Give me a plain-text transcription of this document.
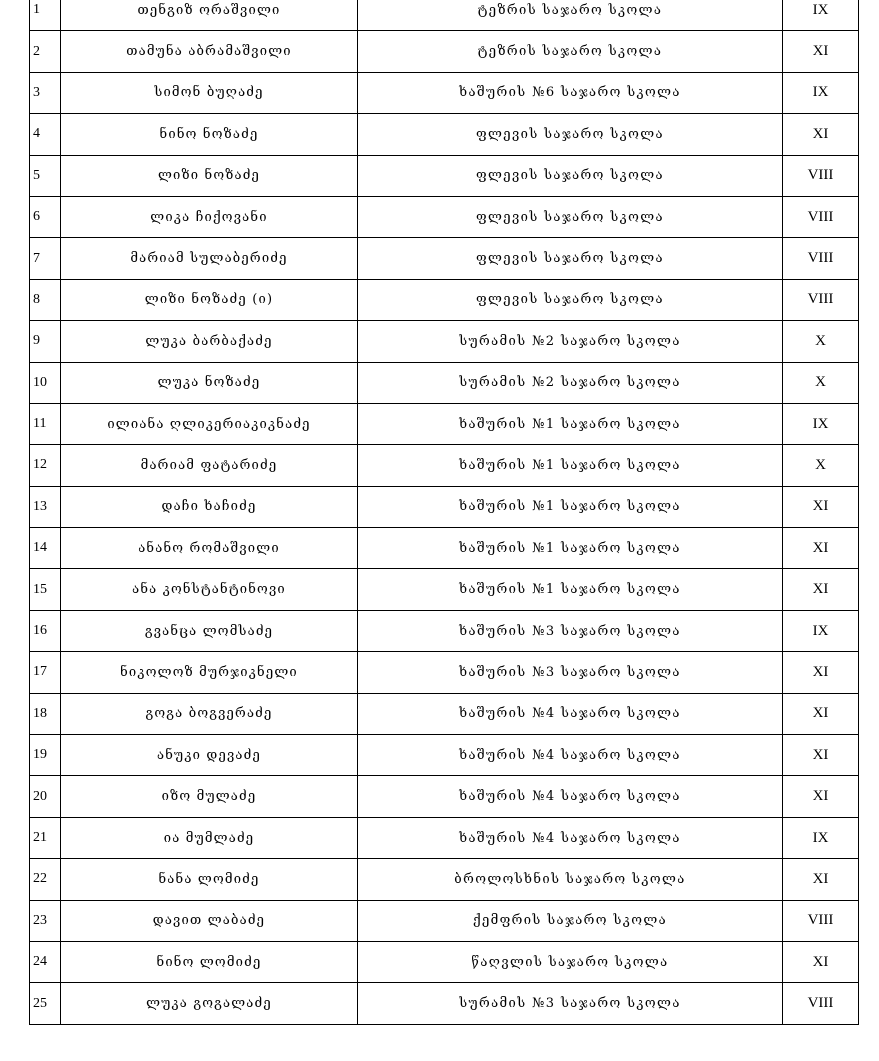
1	თენგიზ ორაშვილი	ტეზრის საჯარო სკოლა	IX
2	თამუნა აბრამაშვილი	ტეზრის საჯარო სკოლა	XI
3	სიმონ ბუღაძე	ხაშურის №6 საჯარო სკოლა	IX
4	ნინო ნოზაძე	ფლევის საჯარო სკოლა	XI
5	ლიზი ნოზაძე	ფლევის საჯარო სკოლა	VIII
6	ლიკა ჩიქოვანი	ფლევის საჯარო სკოლა	VIII
7	მარიამ სულაბერიძე	ფლევის საჯარო სკოლა	VIII
8	ლიზი ნოზაძე (ი)	ფლევის საჯარო სკოლა	VIII
9	ლუკა ბარბაქაძე	სურამის №2 საჯარო სკოლა	X
10	ლუკა ნოზაძე	სურამის №2 საჯარო სკოლა	X
11	ილიანა ღლიკერიაკიკნაძე	ხაშურის №1 საჯარო სკოლა	IX
12	მარიამ ფატარიძე	ხაშურის №1 საჯარო სკოლა	X
13	დაჩი ხაჩიძე	ხაშურის №1 საჯარო სკოლა	XI
14	ანანო რომაშვილი	ხაშურის №1 საჯარო სკოლა	XI
15	ანა კონსტანტინოვი	ხაშურის №1 საჯარო სკოლა	XI
16	გვანცა ლომსაძე	ხაშურის №3 საჯარო სკოლა	IX
17	ნიკოლოზ მურჯიკნელი	ხაშურის №3 საჯარო სკოლა	XI
18	გოგა ბოგვერაძე	ხაშურის №4 საჯარო სკოლა	XI
19	ანუკი დევაძე	ხაშურის №4 საჯარო სკოლა	XI
20	იზო მულაძე	ხაშურის №4 საჯარო სკოლა	XI
21	ია მუმლაძე	ხაშურის №4 საჯარო სკოლა	IX
22	ნანა ლომიძე	ბროლოსხნის საჯარო სკოლა	XI
23	დავით ლაბაძე	ქემფრის საჯარო სკოლა	VIII
24	ნინო ლომიძე	წაღვლის საჯარო სკოლა	XI
25	ლუკა გოგალაძე	სურამის №3 საჯარო სკოლა	VIII
